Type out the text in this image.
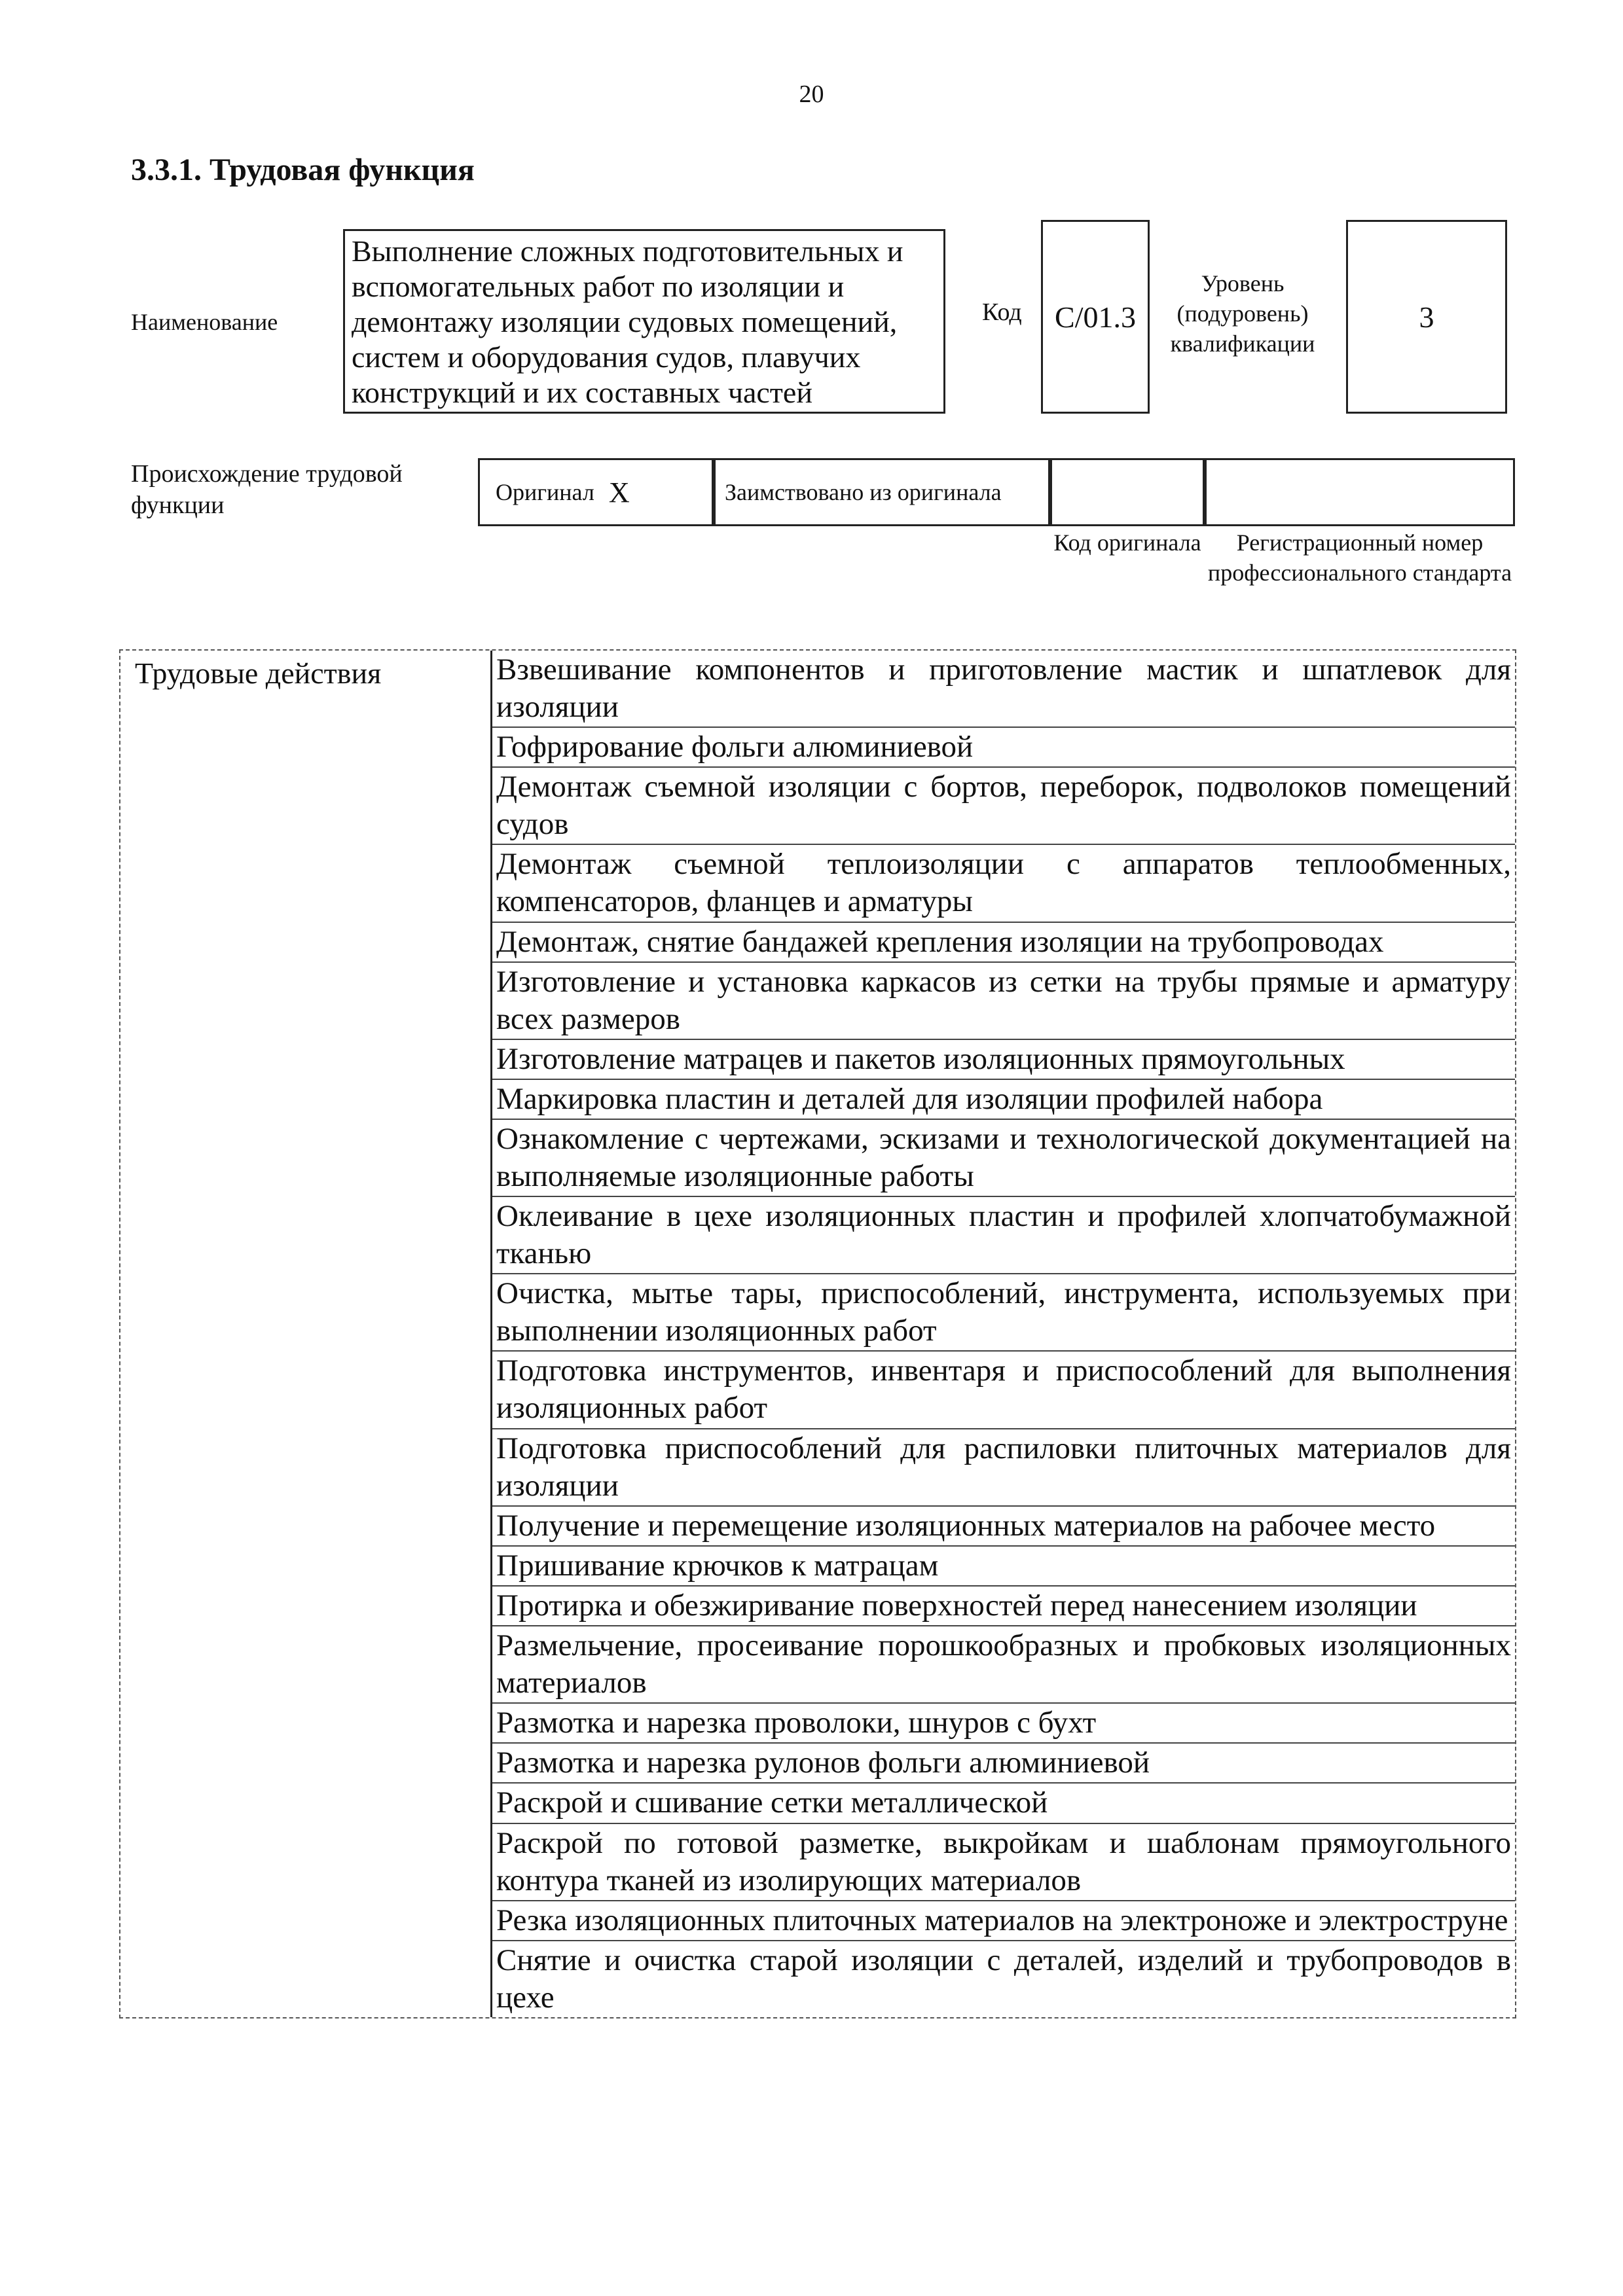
20
3.3.1. Трудовая функция
Наименование
Выполнение сложных подготовительных и вспомогательных работ по изоляции и демонтажу изоляции судовых помещений, систем и оборудования судов, плавучих конструкций и их составных частей
Код	C/01.3
Уровень (подуровень) квалификации
3
Происхождение трудовой функции	Оригинал X	Заимствовано из оригинала
Код оригинала	Регистрационный номер профессионального стандарта
Трудовые действия	Взвешивание компонентов и приготовление мастик и шпатлевок для изоляции
Гофрирование фольги алюминиевой
Демонтаж съемной изоляции с бортов, переборок, подволоков помещений судов
Демонтаж съемной теплоизоляции с аппаратов теплообменных, компенсаторов, фланцев и арматуры
Демонтаж, снятие бандажей крепления изоляции на трубопроводах
Изготовление и установка каркасов из сетки на трубы прямые и арматуру всех размеров
Изготовление матрацев и пакетов изоляционных прямоугольных
Маркировка пластин и деталей для изоляции профилей набора
Ознакомление с чертежами, эскизами и технологической документацией на выполняемые изоляционные работы
Оклеивание в цехе изоляционных пластин и профилей хлопчатобумажной тканью
Очистка, мытье тары, приспособлений, инструмента, используемых при выполнении изоляционных работ
Подготовка инструментов, инвентаря и приспособлений для выполнения изоляционных работ
Подготовка приспособлений для распиловки плиточных материалов для изоляции
Получение и перемещение изоляционных материалов на рабочее место
Пришивание крючков к матрацам
Протирка и обезжиривание поверхностей перед нанесением изоляции
Размельчение, просеивание порошкообразных и пробковых изоляционных материалов
Размотка и нарезка проволоки, шнуров с бухт
Размотка и нарезка рулонов фольги алюминиевой
Раскрой и сшивание сетки металлической
Раскрой по готовой разметке, выкройкам и шаблонам прямоугольного контура тканей из изолирующих материалов
Резка изоляционных плиточных материалов на электроноже и электроструне
Снятие и очистка старой изоляции с деталей, изделий и трубопроводов в цехе
